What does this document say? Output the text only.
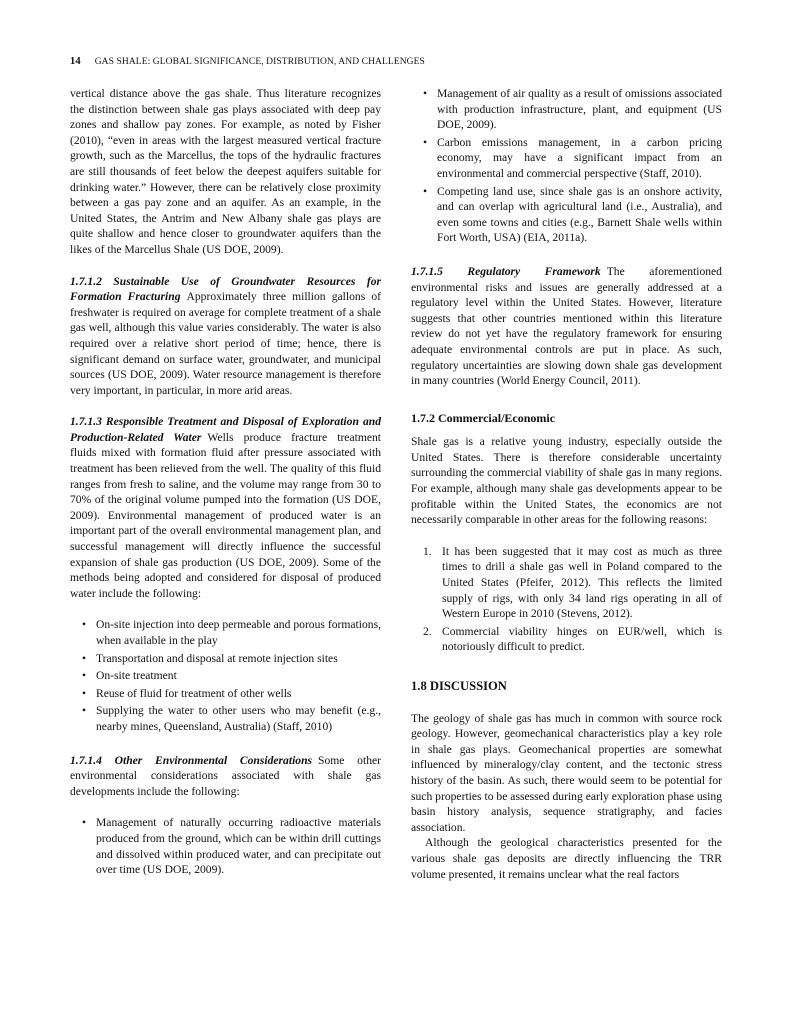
14 GAS SHALE: GLOBAL SIGNIFICANCE, DISTRIBUTION, AND CHALLENGES

vertical distance above the gas shale. Thus literature recognizes the distinction between shale gas plays associated with deep pay zones and shallow pay zones. For example, as noted by Fisher (2010), “even in areas with the largest measured vertical fracture growth, such as the Marcellus, the tops of the hydraulic fractures are still thousands of feet below the deepest aquifers suitable for drinking water.” However, there can be relatively close proximity between a gas pay zone and an aquifer. As an example, in the United States, the Antrim and New Albany shale gas plays are quite shallow and hence closer to groundwater aquifers than the likes of the Marcellus Shale (US DOE, 2009).

1.7.1.2 Sustainable Use of Groundwater Resources for Formation Fracturing Approximately three million gallons of freshwater is required on average for complete treatment of a shale gas well, although this value varies considerably. The water is also required over a relative short period of time; hence, there is significant demand on surface water, groundwater, and municipal sources (US DOE, 2009). Water resource management is therefore very important, in particular, in more arid areas.

1.7.1.3 Responsible Treatment and Disposal of Exploration and Production-Related Water Wells produce fracture treatment fluids mixed with formation fluid after pressure associated with treatment has been relieved from the well. The quality of this fluid ranges from fresh to saline, and the volume may range from 30 to 70% of the original volume pumped into the formation (US DOE, 2009). Environmental management of produced water is an important part of the overall environmental management plan, and successful management will directly influence the successful expansion of shale gas production (US DOE, 2009). Some of the methods being adopted and considered for disposal of produced water include the following:

• On-site injection into deep permeable and porous formations, when available in the play
• Transportation and disposal at remote injection sites
• On-site treatment
• Reuse of fluid for treatment of other wells
• Supplying the water to other users who may benefit (e.g., nearby mines, Queensland, Australia) (Staff, 2010)

1.7.1.4 Other Environmental Considerations Some other environmental considerations associated with shale gas developments include the following:

• Management of naturally occurring radioactive materials produced from the ground, which can be within drill cuttings and dissolved within produced water, and can precipitate out over time (US DOE, 2009).
• Management of air quality as a result of omissions associated with production infrastructure, plant, and equipment (US DOE, 2009).
• Carbon emissions management, in a carbon pricing economy, may have a significant impact from an environmental and commercial perspective (Staff, 2010).
• Competing land use, since shale gas is an onshore activity, and can overlap with agricultural land (i.e., Australia), and even some towns and cities (e.g., Barnett Shale wells within Fort Worth, USA) (EIA, 2011a).

1.7.1.5 Regulatory Framework The aforementioned environmental risks and issues are generally addressed at a regulatory level within the United States. However, literature suggests that other countries mentioned within this literature review do not yet have the regulatory framework for ensuring adequate environmental controls are put in place. As such, regulatory uncertainties are slowing down shale gas development in many countries (World Energy Council, 2011).

1.7.2 Commercial/Economic

Shale gas is a relative young industry, especially outside the United States. There is therefore considerable uncertainty surrounding the commercial viability of shale gas in many regions. For example, although many shale gas developments appear to be profitable within the United States, the economics are not necessarily comparable in other areas for the following reasons:

1. It has been suggested that it may cost as much as three times to drill a shale gas well in Poland compared to the United States (Pfeifer, 2012). This reflects the limited supply of rigs, with only 34 land rigs operating in all of Western Europe in 2010 (Stevens, 2012).
2. Commercial viability hinges on EUR/well, which is notoriously difficult to predict.
1.8 DISCUSSION

The geology of shale gas has much in common with source rock geology. However, geomechanical characteristics play a key role in shale gas plays. Geomechanical properties are somewhat influenced by mineralogy/clay content, and the tectonic stress history of the basin. As such, there would seem to be potential for such properties to be assessed during early exploration phase using basin history analysis, sequence stratigraphy, and facies association.

Although the geological characteristics presented for the various shale gas deposits are directly influencing the TRR volume presented, it remains unclear what the real factors
